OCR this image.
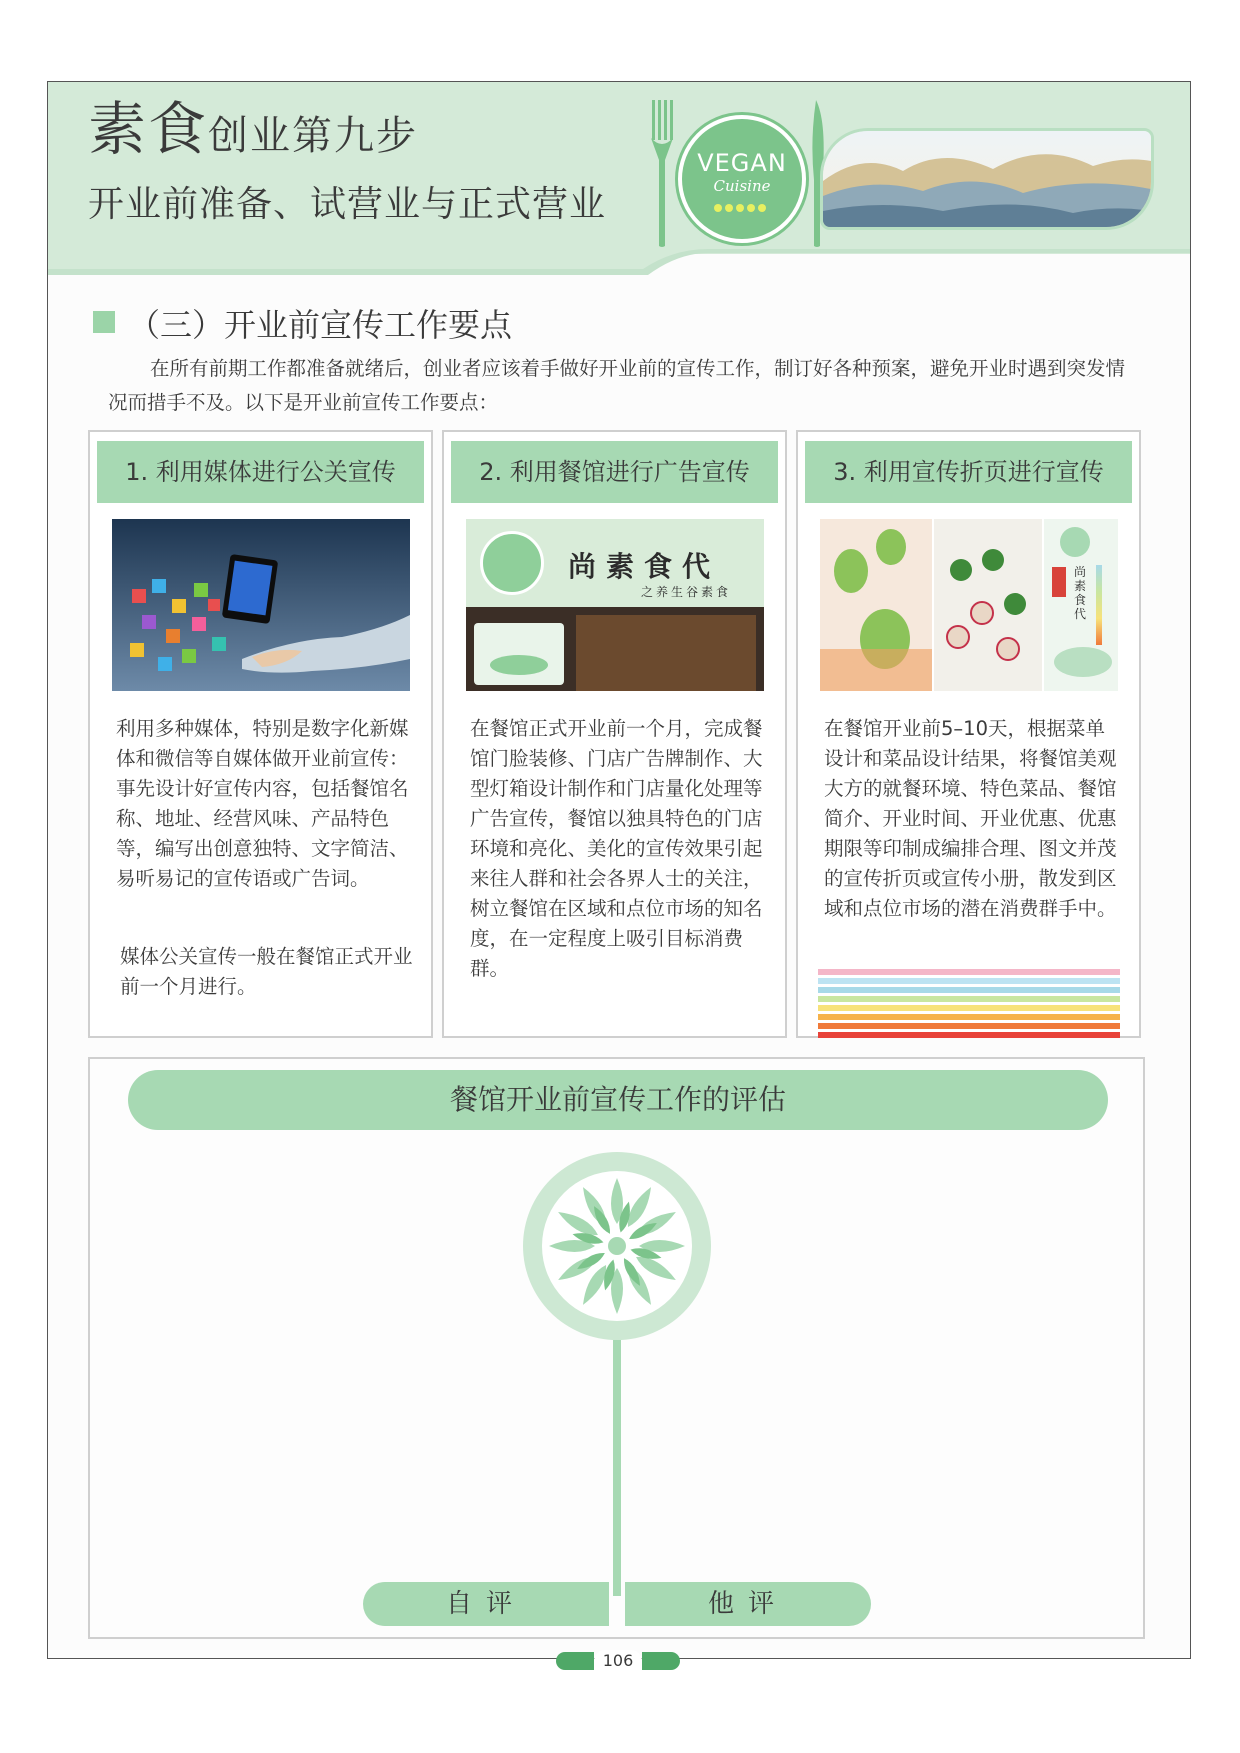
素食创业第九步
开业前准备、试营业与正式营业
VEGAN
Cuisine
（三）开业前宣传工作要点
在所有前期工作都准备就绪后，创业者应该着手做好开业前的宣传工作，制订好各种预案，避免开业时遇到突发情况而措手不及。以下是开业前宣传工作要点：
1. 利用媒体进行公关宣传
利用多种媒体，特别是数字化新媒体和微信等自媒体做开业前宣传：事先设计好宣传内容，包括餐馆名称、地址、经营风味、产品特色等，编写出创意独特、文字简洁、易听易记的宣传语或广告词。
媒体公关宣传一般在餐馆正式开业前一个月进行。
2. 利用餐馆进行广告宣传
尚素食代
之养生谷素食
在餐馆正式开业前一个月，完成餐馆门脸装修、门店广告牌制作、大型灯箱设计制作和门店量化处理等广告宣传，餐馆以独具特色的门店环境和亮化、美化的宣传效果引起来往人群和社会各界人士的关注，树立餐馆在区域和点位市场的知名度，在一定程度上吸引目标消费群。
3. 利用宣传折页进行宣传
尚素食代
在餐馆开业前5–10天，根据菜单设计和菜品设计结果，将餐馆美观大方的就餐环境、特色菜品、餐馆简介、开业时间、开业优惠、优惠期限等印制成编排合理、图文并茂的宣传折页或宣传小册，散发到区域和点位市场的潜在消费群手中。
餐馆开业前宣传工作的评估
自评	他评
106
